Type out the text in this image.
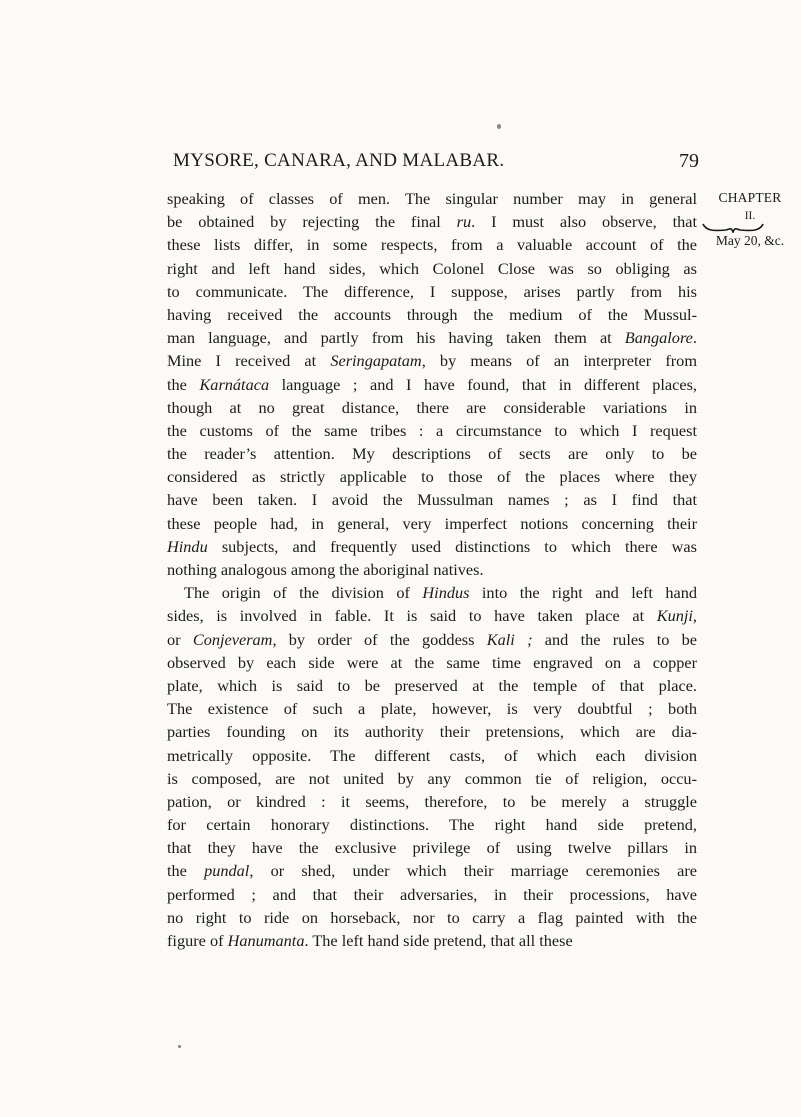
MYSORE, CANARA, AND MALABAR.	79
CHAPTER
II.
May 20, &c.
speaking of classes of men. The singular number may in general
be obtained by rejecting the final ru. I must also observe, that
these lists differ, in some respects, from a valuable account of the
right and left hand sides, which Colonel Close was so obliging as
to communicate. The difference, I suppose, arises partly from his
having received the accounts through the medium of the Mussul-
man language, and partly from his having taken them at Bangalore.
Mine I received at Seringapatam, by means of an interpreter from
the Karnátaca language ; and I have found, that in different places,
though at no great distance, there are considerable variations in
the customs of the same tribes : a circumstance to which I request
the reader’s attention. My descriptions of sects are only to be
considered as strictly applicable to those of the places where they
have been taken. I avoid the Mussulman names ; as I find that
these people had, in general, very imperfect notions concerning their
Hindu subjects, and frequently used distinctions to which there was
nothing analogous among the aboriginal natives.
The origin of the division of Hindus into the right and left hand
sides, is involved in fable. It is said to have taken place at Kunji,
or Conjeveram, by order of the goddess Kali ; and the rules to be
observed by each side were at the same time engraved on a copper
plate, which is said to be preserved at the temple of that place.
The existence of such a plate, however, is very doubtful ; both
parties founding on its authority their pretensions, which are dia-
metrically opposite. The different casts, of which each division
is composed, are not united by any common tie of religion, occu-
pation, or kindred : it seems, therefore, to be merely a struggle
for certain honorary distinctions. The right hand side pretend,
that they have the exclusive privilege of using twelve pillars in
the pundal, or shed, under which their marriage ceremonies are
performed ; and that their adversaries, in their processions, have
no right to ride on horseback, nor to carry a flag painted with the
figure of Hanumanta. The left hand side pretend, that all these
